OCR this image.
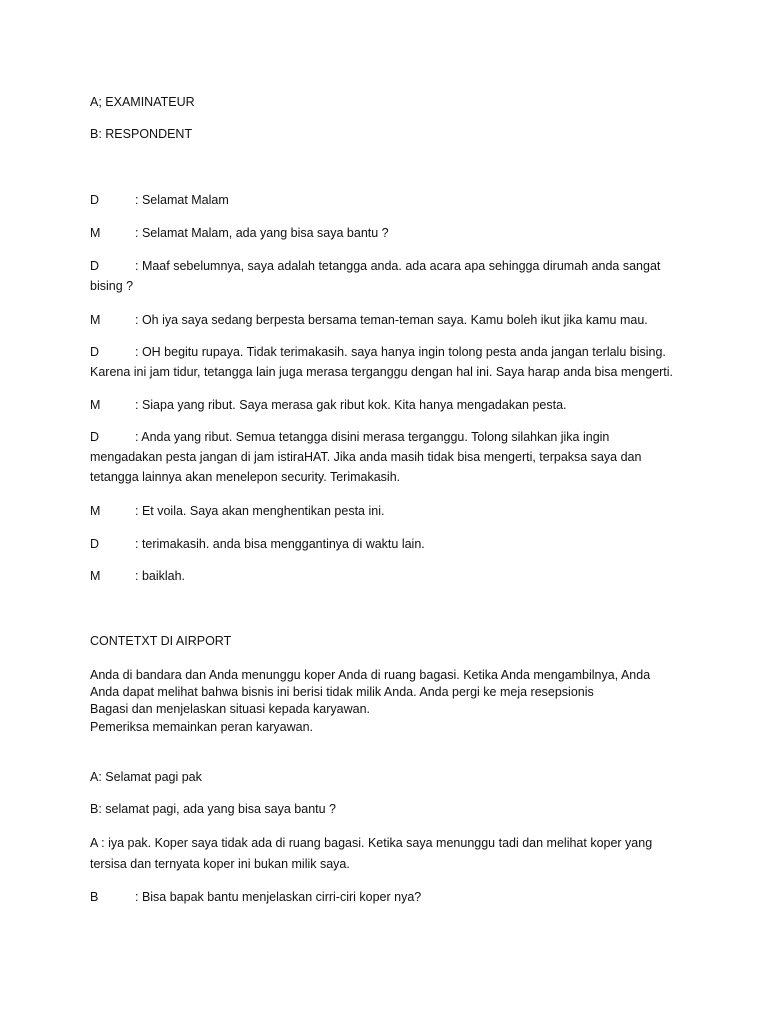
A; EXAMINATEUR
B: RESPONDENT
D	: Selamat Malam
M	: Selamat Malam, ada yang bisa saya bantu ?
D	: Maaf sebelumnya, saya adalah tetangga anda. ada acara apa sehingga dirumah anda sangat
bising ?
M	: Oh iya saya sedang berpesta bersama teman-teman saya. Kamu boleh ikut jika kamu mau.
D	: OH begitu rupaya. Tidak terimakasih. saya hanya ingin tolong pesta anda jangan terlalu bising.
Karena ini jam tidur, tetangga lain juga merasa terganggu dengan hal ini. Saya harap anda bisa mengerti.
M	: Siapa yang ribut. Saya merasa gak ribut kok. Kita hanya mengadakan pesta.
D	: Anda yang ribut. Semua tetangga disini merasa terganggu. Tolong silahkan jika ingin
mengadakan pesta jangan di jam istiraHAT. Jika anda masih tidak bisa mengerti, terpaksa saya dan
tetangga lainnya akan menelepon security. Terimakasih.
M	: Et voila. Saya akan menghentikan pesta ini.
D	: terimakasih. anda bisa menggantinya di waktu lain.
M	: baiklah.
CONTETXT DI AIRPORT
Anda di bandara dan Anda menunggu koper Anda di ruang bagasi. Ketika Anda mengambilnya, Anda
Anda dapat melihat bahwa bisnis ini berisi tidak milik Anda. Anda pergi ke meja resepsionis
Bagasi dan menjelaskan situasi kepada karyawan.
Pemeriksa memainkan peran karyawan.
A: Selamat pagi pak
B: selamat pagi, ada yang bisa saya bantu ?
A : iya pak. Koper saya tidak ada di ruang bagasi. Ketika saya menunggu tadi dan melihat koper yang
tersisa dan ternyata koper ini bukan milik saya.
B	: Bisa bapak bantu menjelaskan cirri-ciri koper nya?
